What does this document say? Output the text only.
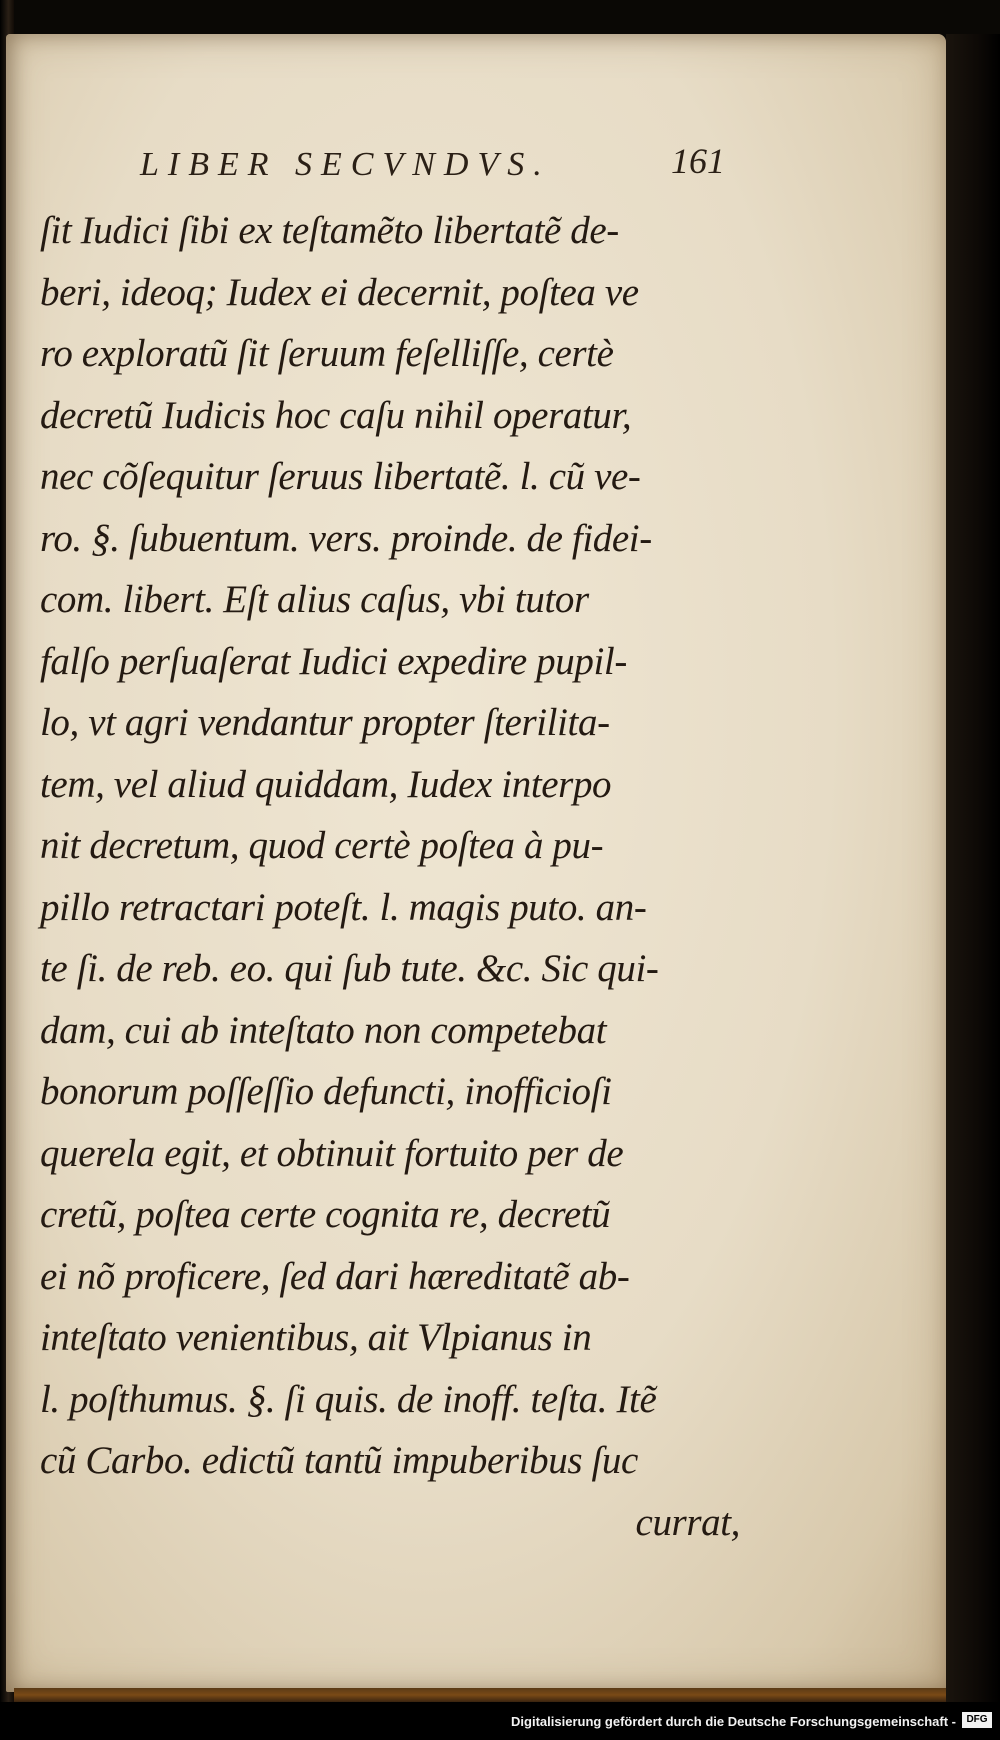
LIBER SECVNDVS.	161
ſit Iudici ſibi ex teſtamẽto libertatẽ de-
beri, ideoq; Iudex ei decernit, poſtea ve
ro exploratũ ſit ſeruum feſelliſſe, certè
decretũ Iudicis hoc caſu nihil operatur,
nec cõſequitur ſeruus libertatẽ. l. cũ ve-
ro. §. ſubuentum. vers. proinde. de fidei-
com. libert. Eſt alius caſus, vbi tutor
falſo perſuaſerat Iudici expedire pupil-
lo, vt agri vendantur propter ſterilita-
tem, vel aliud quiddam, Iudex interpo
nit decretum, quod certè poſtea à pu-
pillo retractari poteſt. l. magis puto. an-
te ſi. de reb. eo. qui ſub tute. &c. Sic qui-
dam, cui ab inteſtato non competebat
bonorum poſſeſſio defuncti, inofficioſi
querela egit, et obtinuit fortuito per de
cretũ, poſtea certe cognita re, decretũ
ei nõ proficere, ſed dari hæreditatẽ ab-
inteſtato venientibus, ait Vlpianus in
l. poſthumus. §. ſi quis. de inoff. teſta. Itẽ
cũ Carbo. edictũ tantũ impuberibus ſuc
currat,
Digitalisierung gefördert durch die Deutsche Forschungsgemeinschaft -	DFG
